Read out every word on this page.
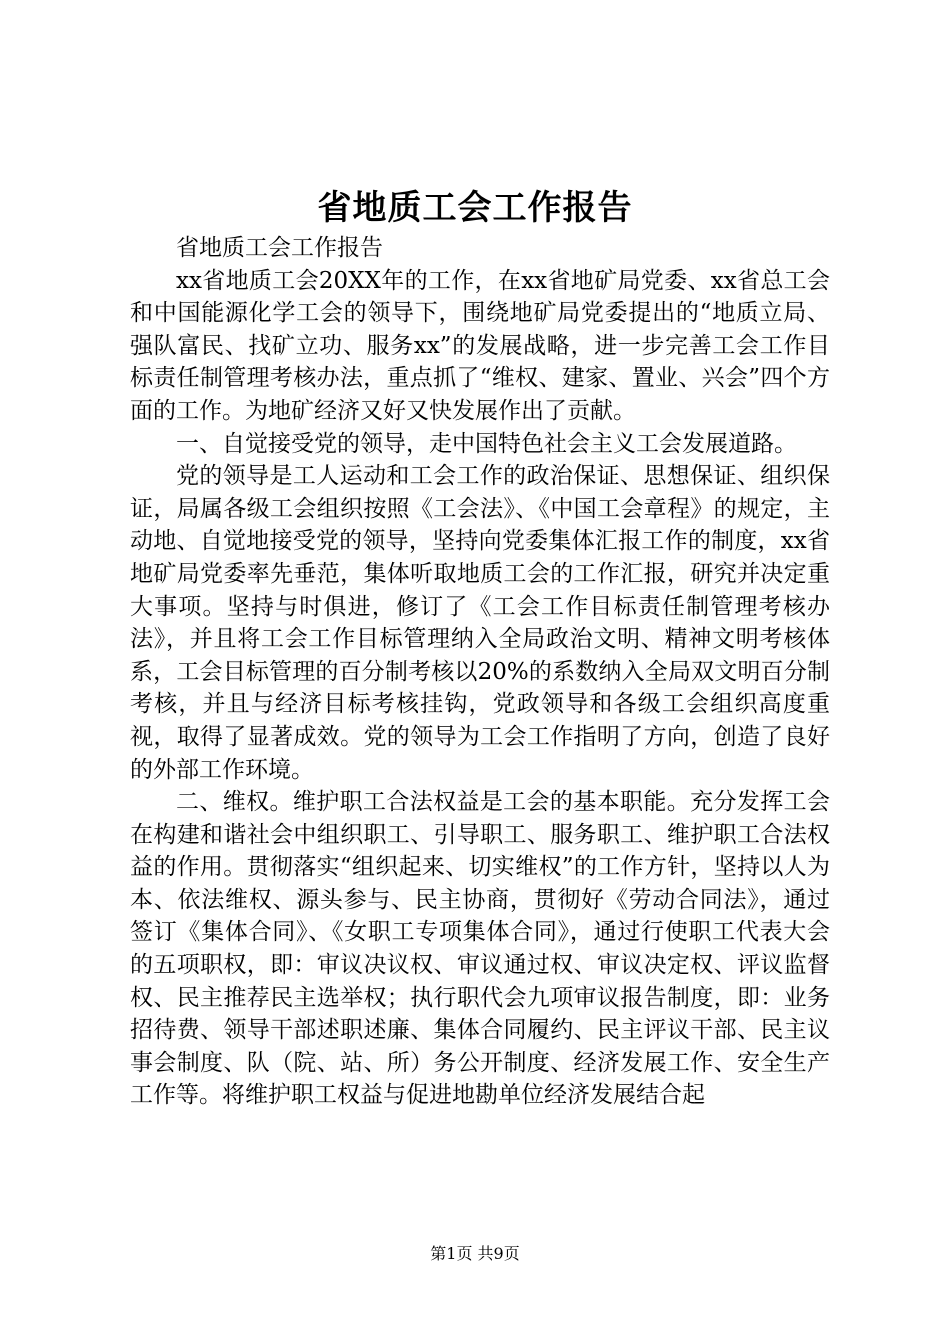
省地质工会工作报告

省地质工会工作报告

xx省地质工会20XX年的工作，在xx省地矿局党委、xx省总工会和中国能源化学工会的领导下，围绕地矿局党委提出的“地质立局、强队富民、找矿立功、服务xx”的发展战略，进一步完善工会工作目标责任制管理考核办法，重点抓了“维权、建家、置业、兴会”四个方面的工作。为地矿经济又好又快发展作出了贡献。

一、自觉接受党的领导，走中国特色社会主义工会发展道路。

党的领导是工人运动和工会工作的政治保证、思想保证、组织保证，局属各级工会组织按照《工会法》、《中国工会章程》的规定，主动地、自觉地接受党的领导，坚持向党委集体汇报工作的制度，xx省地矿局党委率先垂范，集体听取地质工会的工作汇报，研究并决定重大事项。坚持与时俱进，修订了《工会工作目标责任制管理考核办法》，并且将工会工作目标管理纳入全局政治文明、精神文明考核体系，工会目标管理的百分制考核以20%的系数纳入全局双文明百分制考核，并且与经济目标考核挂钩，党政领导和各级工会组织高度重视，取得了显著成效。党的领导为工会工作指明了方向，创造了良好的外部工作环境。

二、维权。维护职工合法权益是工会的基本职能。充分发挥工会在构建和谐社会中组织职工、引导职工、服务职工、维护职工合法权益的作用。贯彻落实“组织起来、切实维权”的工作方针，坚持以人为本、依法维权、源头参与、民主协商，贯彻好《劳动合同法》，通过签订《集体合同》、《女职工专项集体合同》，通过行使职工代表大会的五项职权，即：审议决议权、审议通过权、审议决定权、评议监督权、民主推荐民主选举权；执行职代会九项审议报告制度，即：业务招待费、领导干部述职述廉、集体合同履约、民主评议干部、民主议事会制度、队（院、站、所）务公开制度、经济发展工作、安全生产工作等。将维护职工权益与促进地勘单位经济发展结合起

第1页 共9页
